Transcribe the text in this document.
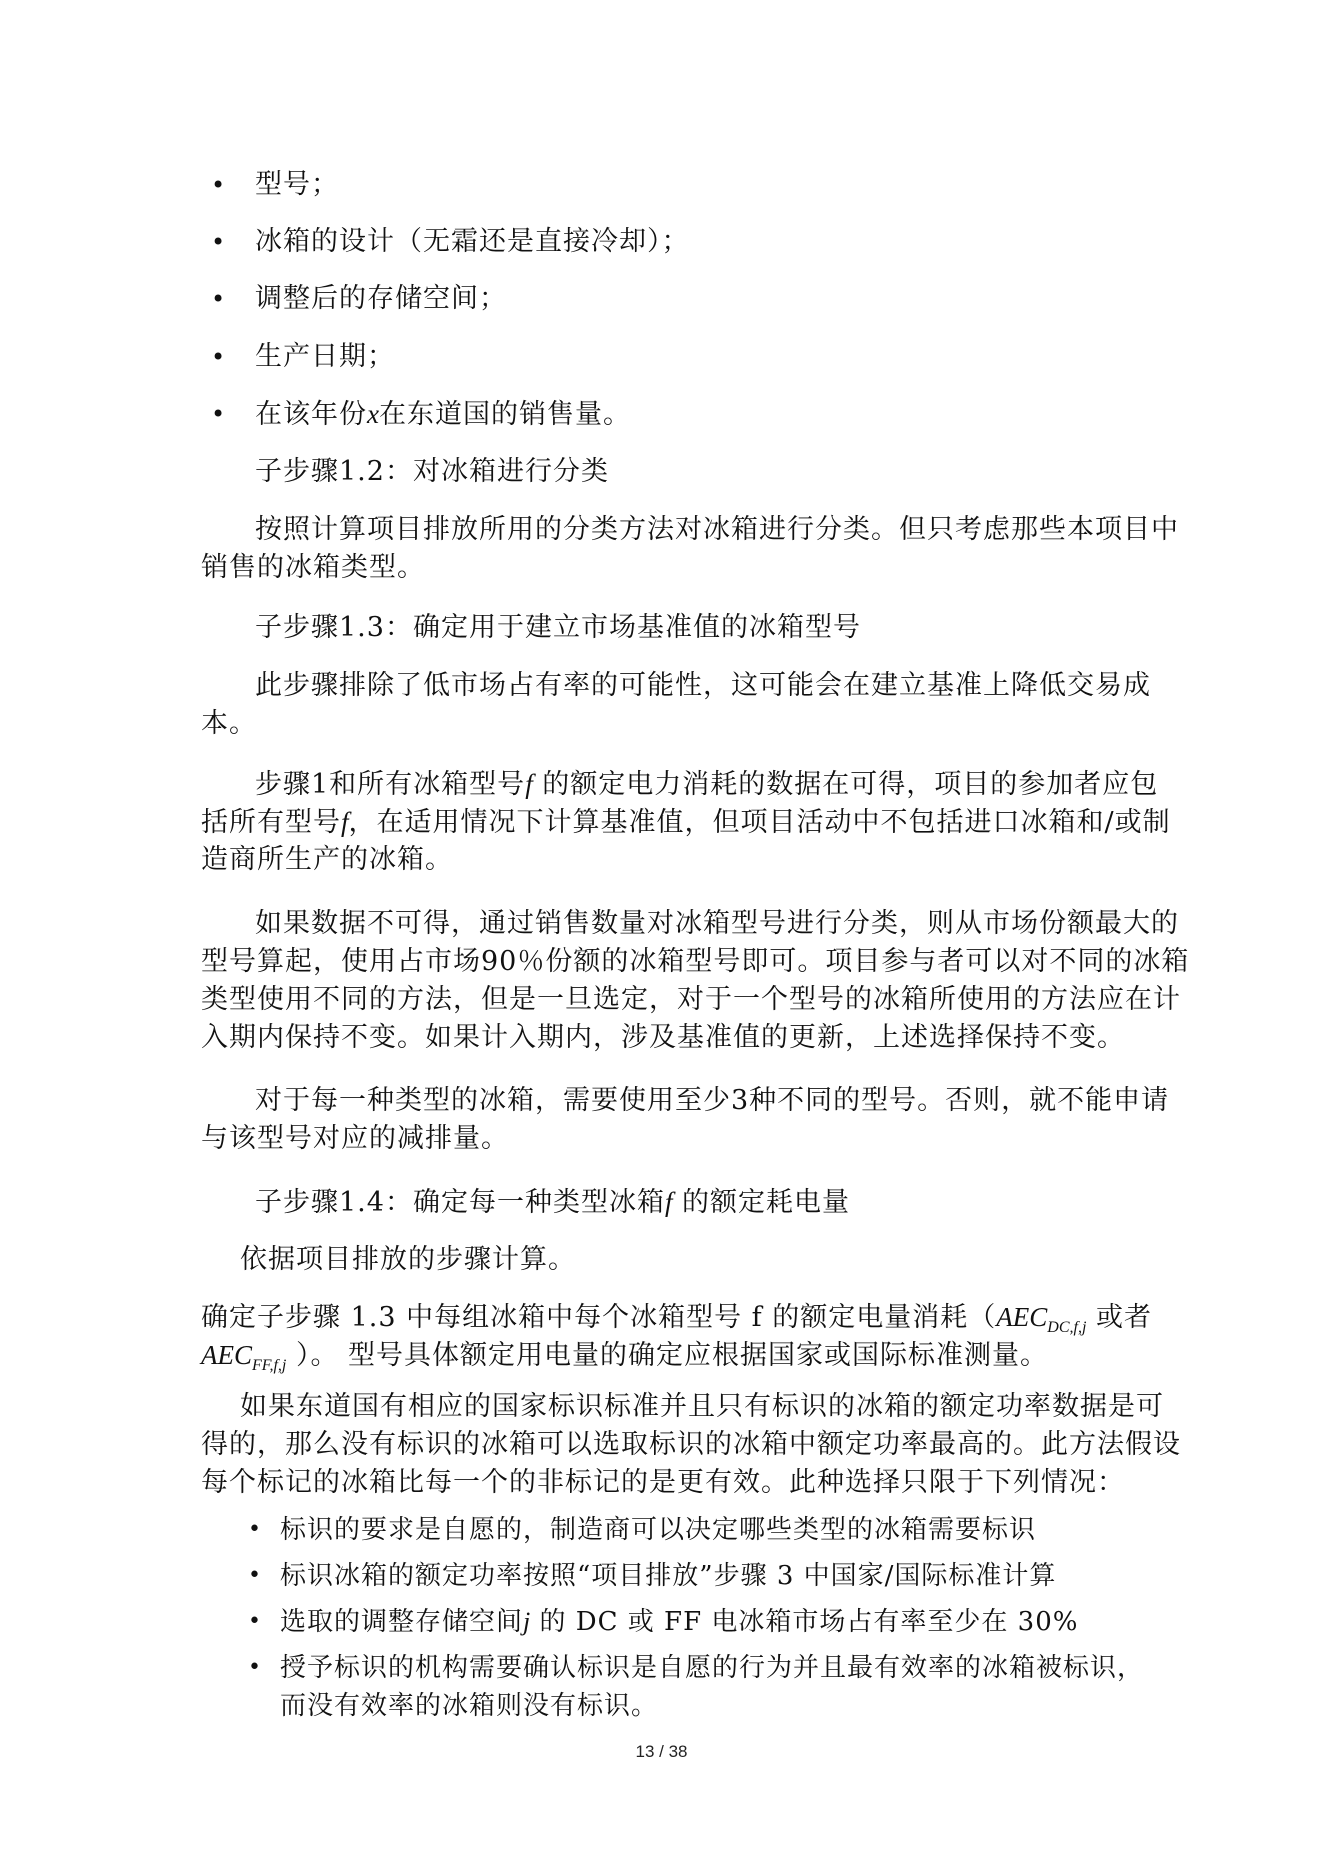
• 型号；
• 冰箱的设计（无霜还是直接冷却）；
• 调整后的存储空间；
• 生产日期；
• 在该年份x在东道国的销售量。
子步骤1.2：对冰箱进行分类
按照计算项目排放所用的分类方法对冰箱进行分类。但只考虑那些本项目中
销售的冰箱类型。
子步骤1.3：确定用于建立市场基准值的冰箱型号
此步骤排除了低市场占有率的可能性，这可能会在建立基准上降低交易成
本。
步骤1和所有冰箱型号f 的额定电力消耗的数据在可得，项目的参加者应包
括所有型号f，在适用情况下计算基准值，但项目活动中不包括进口冰箱和/或制
造商所生产的冰箱。
如果数据不可得，通过销售数量对冰箱型号进行分类，则从市场份额最大的
型号算起，使用占市场90％份额的冰箱型号即可。项目参与者可以对不同的冰箱
类型使用不同的方法，但是一旦选定，对于一个型号的冰箱所使用的方法应在计
入期内保持不变。如果计入期内，涉及基准值的更新，上述选择保持不变。
对于每一种类型的冰箱，需要使用至少3种不同的型号。否则，就不能申请
与该型号对应的减排量。
子步骤1.4：确定每一种类型冰箱f 的额定耗电量
依据项目排放的步骤计算。
确定子步骤 1.3 中每组冰箱中每个冰箱型号 f 的额定电量消耗（$AEC_{DC,f,j}$ 或者
$AEC_{FF,f,j}$ ）。 型号具体额定用电量的确定应根据国家或国际标准测量。
如果东道国有相应的国家标识标准并且只有标识的冰箱的额定功率数据是可
得的，那么没有标识的冰箱可以选取标识的冰箱中额定功率最高的。此方法假设
每个标记的冰箱比每一个的非标记的是更有效。此种选择只限于下列情况：
• 标识的要求是自愿的，制造商可以决定哪些类型的冰箱需要标识
• 标识冰箱的额定功率按照“项目排放”步骤 3 中国家/国际标准计算
• 选取的调整存储空间j 的 DC 或 FF 电冰箱市场占有率至少在 30%
• 授予标识的机构需要确认标识是自愿的行为并且最有效率的冰箱被标识，
而没有效率的冰箱则没有标识。
13 / 38
